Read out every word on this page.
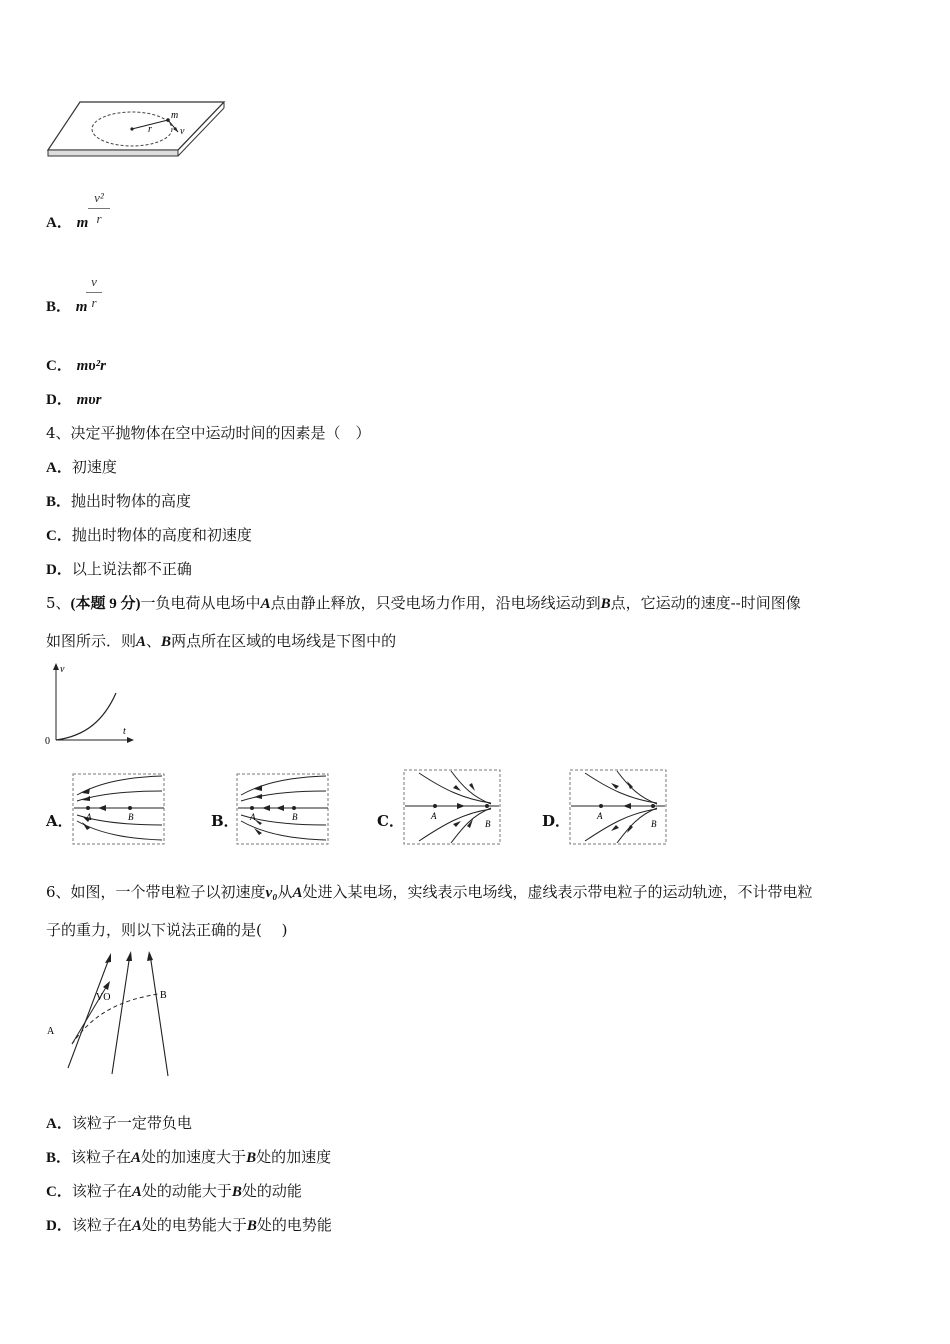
m
r	v
A． m
v²
r
B． m
v
r
C． mυ²r
D． mυr
4、决定平抛物体在空中运动时间的因素是（　）
A．初速度
B．抛出时物体的高度
C．抛出时物体的高度和初速度
D．以上说法都不正确
5、(本题 9 分)一负电荷从电场中A点由静止释放，只受电场力作用，沿电场线运动到B点，它运动的速度--时间图像
如图所示．则A、B两点所在区域的电场线是下图中的
v
t
0
A． A	B	B． A	B	C．	A
B	D．	A
B
6、如图，一个带电粒子以初速度v₀从A处进入某电场，实线表示电场线，虚线表示带电粒子的运动轨迹，不计带电粒
子的重力，则以下说法正确的是(　 )
VO
A
B
A．该粒子一定带负电
B．该粒子在A处的加速度大于B处的加速度
C．该粒子在A处的动能大于B处的动能
D．该粒子在A处的电势能大于B处的电势能
